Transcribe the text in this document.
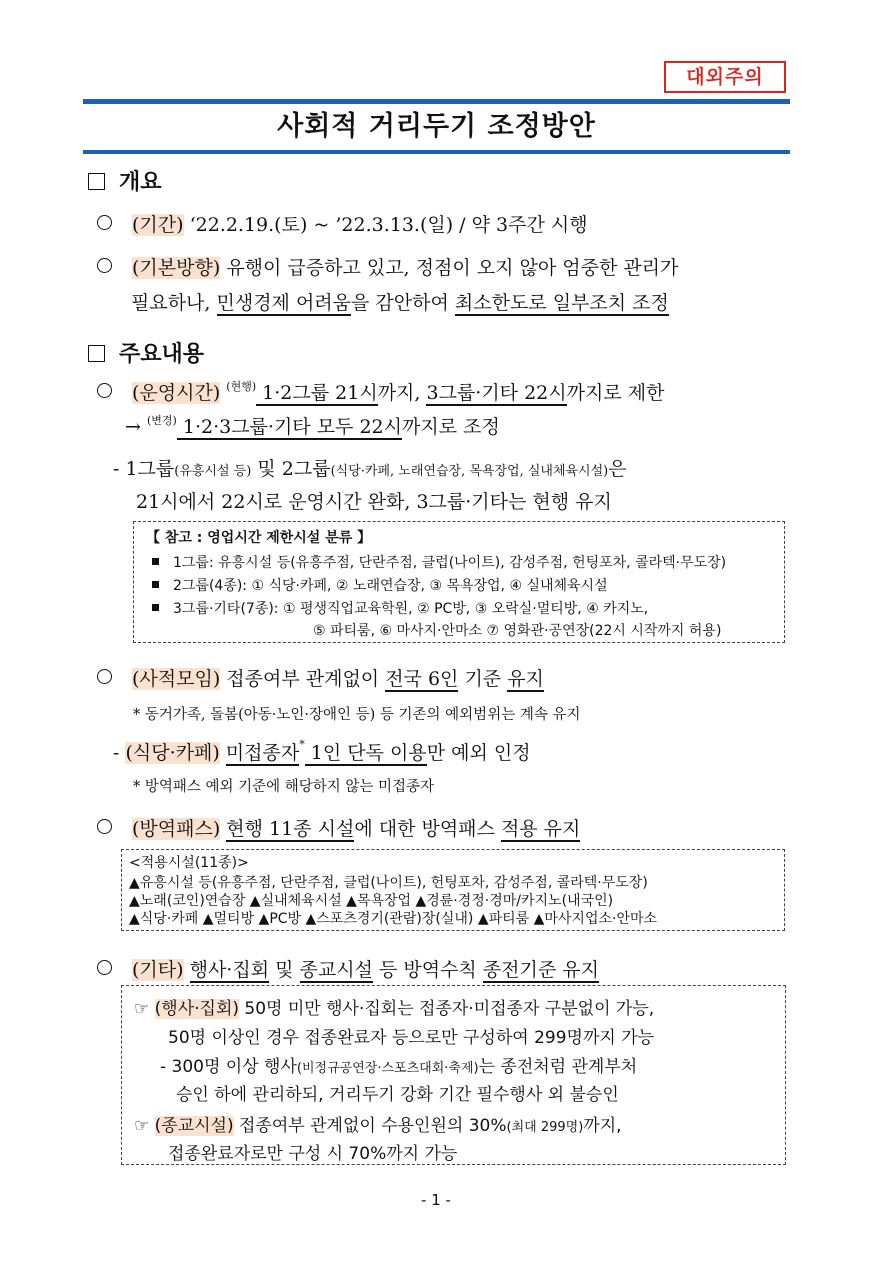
대외주의
사회적 거리두기 조정방안
개요
(기간) ‘22.2.19.(토) ~ ’22.3.13.(일) / 약 3주간 시행
(기본방향) 유행이 급증하고 있고, 정점이 오지 않아 엄중한 관리가
필요하나, 민생경제 어려움을 감안하여 최소한도로 일부조치 조정
주요내용
(운영시간) $^{(현행)}$ 1·2그룹 21시까지, 3그룹·기타 22시까지로 제한
→ $^{(변경)}$ 1·2·3그룹·기타 모두 22시까지로 조정
- 1그룹(유흥시설 등) 및 2그룹(식당·카페, 노래연습장, 목욕장업, 실내체육시설)은
21시에서 22시로 운영시간 완화, 3그룹·기타는 현행 유지
【 참고 : 영업시간 제한시설 분류 】
1그룹: 유흥시설 등(유흥주점, 단란주점, 클럽(나이트), 감성주점, 헌팅포차, 콜라텍·무도장)
2그룹(4종): ① 식당·카페, ② 노래연습장, ③ 목욕장업, ④ 실내체육시설
3그룹·기타(7종): ① 평생직업교육학원, ② PC방, ③ 오락실·멀티방, ④ 카지노,
⑤ 파티룸, ⑥ 마사지·안마소 ⑦ 영화관·공연장(22시 시작까지 허용)
(사적모임) 접종여부 관계없이 전국 6인 기준 유지
* 동거가족, 돌봄(아동·노인·장애인 등) 등 기존의 예외범위는 계속 유지
- (식당·카페) 미접종자* 1인 단독 이용만 예외 인정
* 방역패스 예외 기준에 해당하지 않는 미접종자
(방역패스) 현행 11종 시설에 대한 방역패스 적용 유지
<적용시설(11종)>
▲유흥시설 등(유흥주점, 단란주점, 클럽(나이트), 헌팅포차, 감성주점, 콜라텍·무도장)
▲노래(코인)연습장 ▲실내체육시설 ▲목욕장업 ▲경륜·경정·경마/카지노(내국인)
▲식당·카페 ▲멀티방 ▲PC방 ▲스포츠경기(관람)장(실내) ▲파티룸 ▲마사지업소·안마소
(기타) 행사·집회 및 종교시설 등 방역수칙 종전기준 유지
☞ (행사·집회) 50명 미만 행사·집회는 접종자·미접종자 구분없이 가능,
50명 이상인 경우 접종완료자 등으로만 구성하여 299명까지 가능
- 300명 이상 행사(비정규공연장·스포츠대회·축제)는 종전처럼 관계부처
승인 하에 관리하되, 거리두기 강화 기간 필수행사 외 불승인
☞ (종교시설) 접종여부 관계없이 수용인원의 30%(최대 299명)까지,
접종완료자로만 구성 시 70%까지 가능
- 1 -
